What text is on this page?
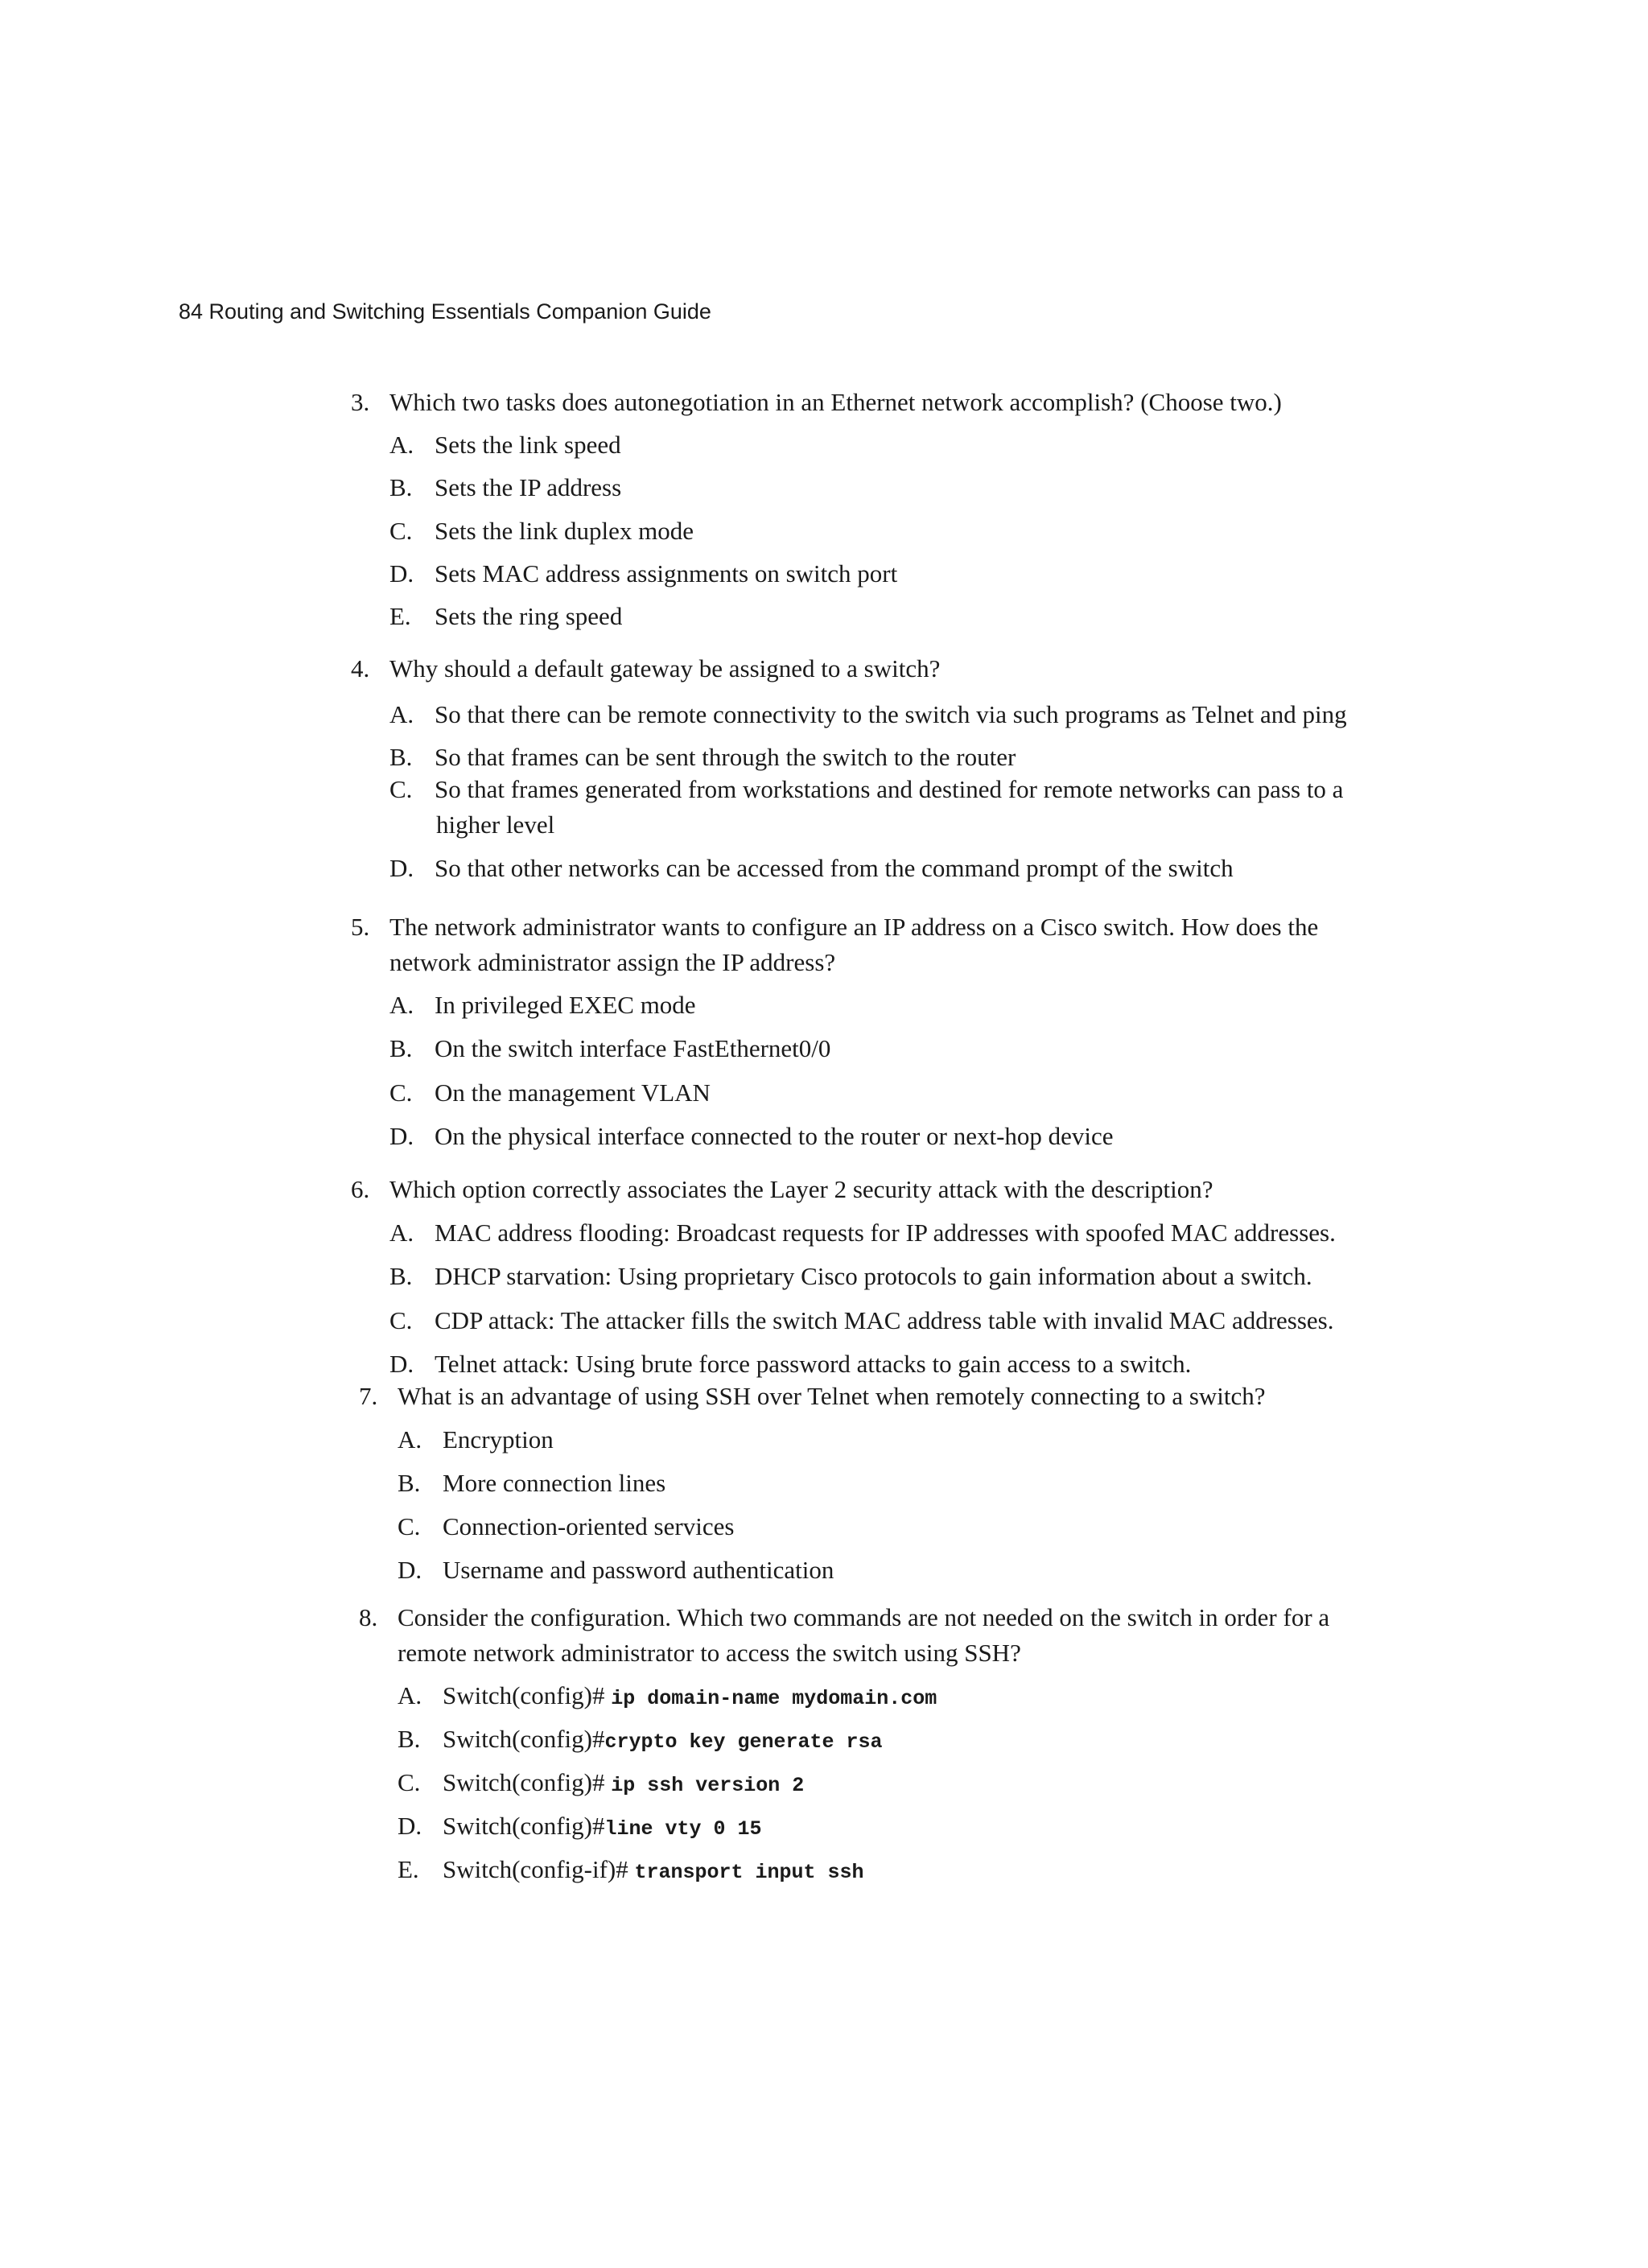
84 Routing and Switching Essentials Companion Guide
3. Which two tasks does autonegotiation in an Ethernet network accomplish? (Choose two.)
A. Sets the link speed
B. Sets the IP address
C. Sets the link duplex mode
D. Sets MAC address assignments on switch port
E. Sets the ring speed
4. Why should a default gateway be assigned to a switch?
A. So that there can be remote connectivity to the switch via such programs as Telnet and ping
B. So that frames can be sent through the switch to the router
C. So that frames generated from workstations and destined for remote networks can pass to a
higher level
D. So that other networks can be accessed from the command prompt of the switch
5. The network administrator wants to configure an IP address on a Cisco switch. How does the
network administrator assign the IP address?
A. In privileged EXEC mode
B. On the switch interface FastEthernet0/0
C. On the management VLAN
D. On the physical interface connected to the router or next-hop device
6. Which option correctly associates the Layer 2 security attack with the description?
A. MAC address flooding: Broadcast requests for IP addresses with spoofed MAC addresses.
B. DHCP starvation: Using proprietary Cisco protocols to gain information about a switch.
C. CDP attack: The attacker fills the switch MAC address table with invalid MAC addresses.
D. Telnet attack: Using brute force password attacks to gain access to a switch.
7. What is an advantage of using SSH over Telnet when remotely connecting to a switch?
A. Encryption
B. More connection lines
C. Connection-oriented services
D. Username and password authentication
8. Consider the configuration. Which two commands are not needed on the switch in order for a
remote network administrator to access the switch using SSH?
A. Switch(config)# ip domain-name mydomain.com
B. Switch(config)#crypto key generate rsa
C. Switch(config)# ip ssh version 2
D. Switch(config)#line vty 0 15
E. Switch(config-if)# transport input ssh
